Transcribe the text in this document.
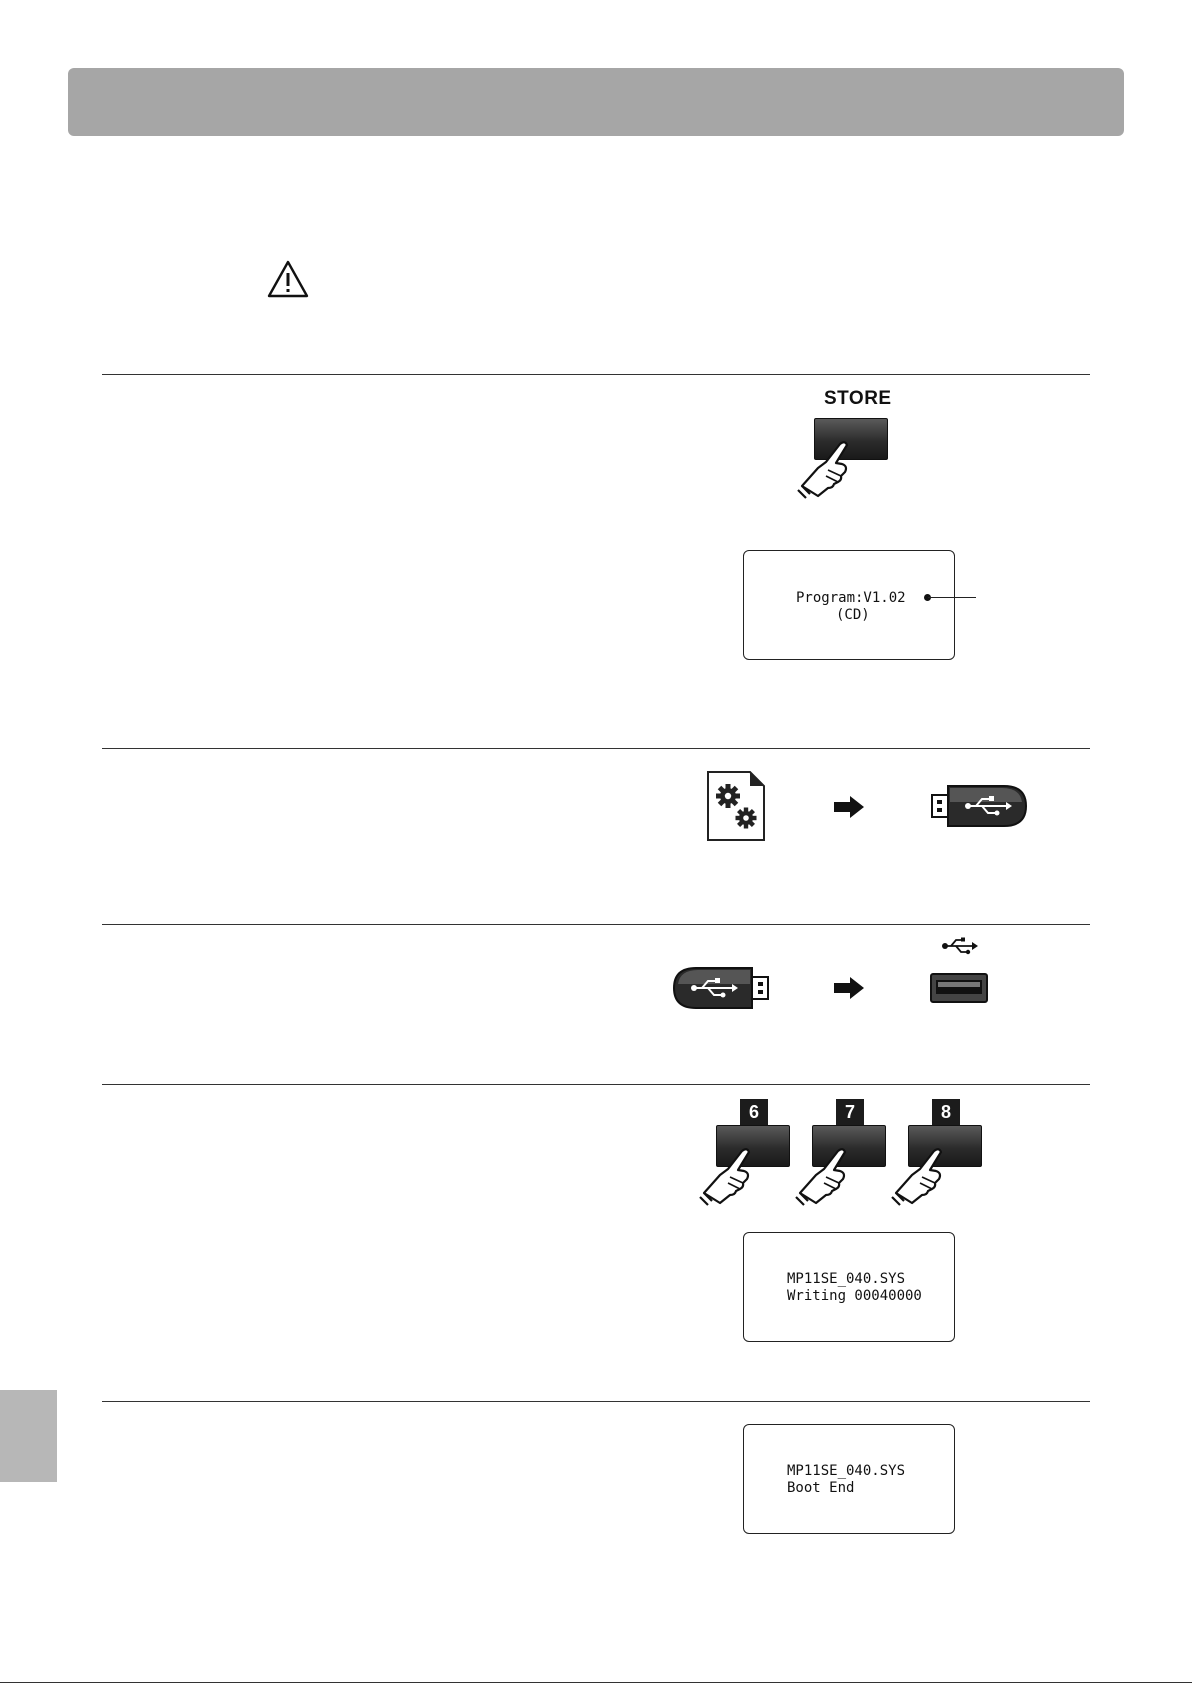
STORE
Program:V1.02
(CD)
6	7	8
MP11SE_040.SYS
Writing 00040000
MP11SE_040.SYS
Boot End
